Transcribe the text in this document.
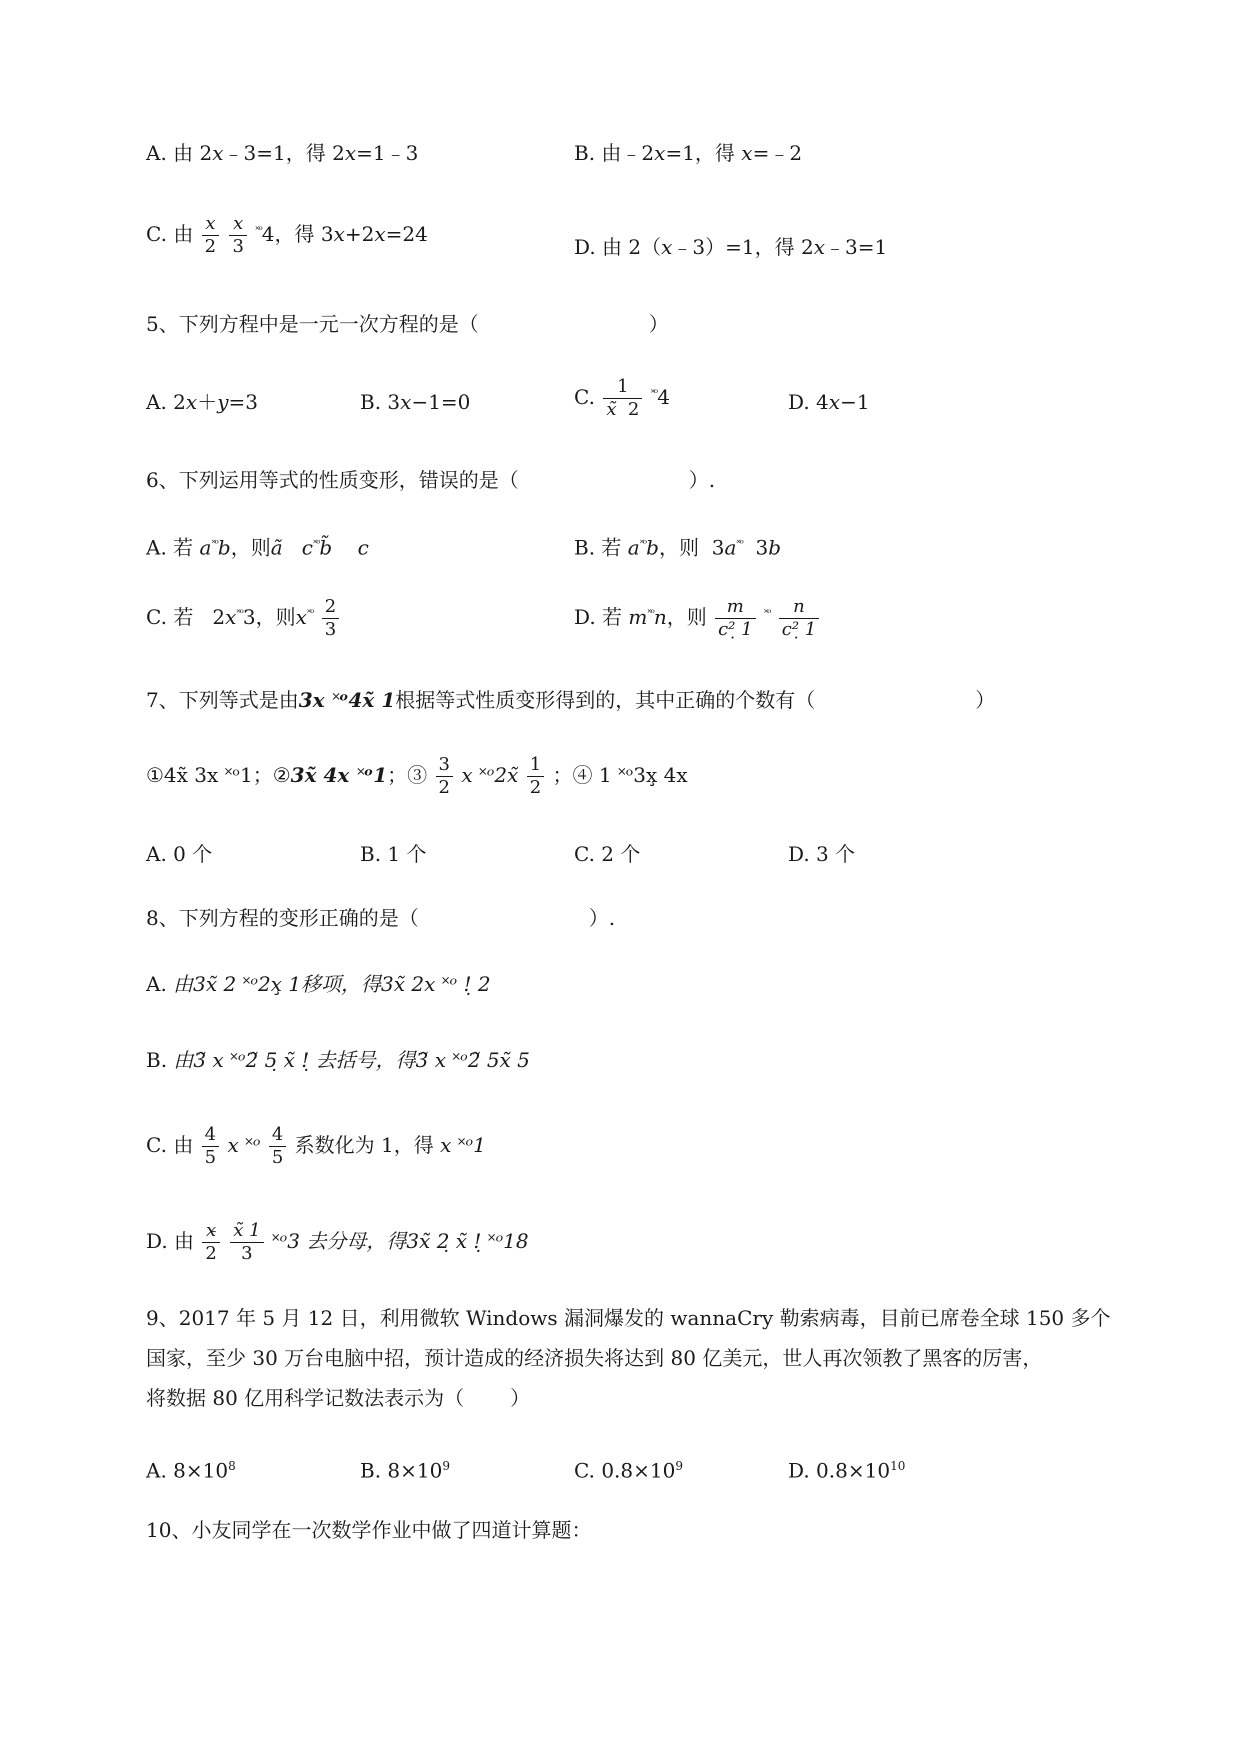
A. 由 2x﹣3=1，得 2x=1﹣3	B. 由﹣2x=1，得 x=﹣2
C. 由 $\frac{x}{2}$
$\frac{x}{3} ^{˟ᵒ}4$，得 3x+2x=24
D. 由 2（x﹣3）=1，得 2x﹣3=1
5、下列方程中是一元一次方程的是（	）
A. 2x＋y=3	B. 3x−1=0	C. $\frac{1}{x̃ 2} ^{˟ᵒ}4$	D. 4x−1
6、下列运用等式的性质变形，错误的是（	）.
A. 若 $a^{˟ᵒ}b$，则ã $c^{˟ᵒ}b̃$ c	B. 若 $a^{˟ᵒ}b$，则 $3a^{˟ᵒ}$ 3b
C. 若 $2x^{˟ᵒ}3$，则$x^{˟ᵒ} \frac{2}{3}$	D. 若 $m^{˟ᵒ}n$，则 $\frac{m}{\text{c²̣ 1}} ^{˟ᵒ} \frac{n}{\text{c²̣ 1}}$
7、下列等式是由3x ˟ᵒ4x̃ 1根据等式性质变形得到的，其中正确的个数有（	）
①4x̃ 3x ˟ᵒ1；②3x̃ 4x ˟ᵒ1；③ $\frac{3}{2}$ x ˟ᵒ2x̃ $\frac{1}{2}$ ；④ 1 ˟ᵒ3x̧ 4x
A. 0 个	B. 1 个	C. 2 个	D. 3 个
8、下列方程的变形正确的是（	）.
A. 由3x̃ 2 ˟ᵒ2x̧ 1移项，得3x̃ 2x ˟ᵒ !̣ 2
B. 由3̃ x ˟ᵒ2̃ 5̣ x̃ !̣ 去括号，得3̃ x ˟ᵒ2̃ 5x̃ 5
C. 由 $\frac{4}{5}$ x ˟ᵒ $\frac{4}{5}$ 系数化为 1，得 x ˟ᵒ1
D. 由 $\frac{x̵}{2}$
$\frac{x̃ 1}{3}$ ˟ᵒ3 去分母，得3x̃ 2̣ x̃ !̣ ˟ᵒ18
9、2017 年 5 月 12 日，利用微软 Windows 漏洞爆发的 wannaCry 勒索病毒，目前已席卷全球 150 多个
国家，至少 30 万台电脑中招，预计造成的经济损失将达到 80 亿美元，世人再次领教了黑客的厉害，
将数据 80 亿用科学记数法表示为（ ）
A. $8\times 10^8$	B. $8\times 10^9$	C. $0.8\times 10^9$	D. $0.8\times 10^{10}$
10、小友同学在一次数学作业中做了四道计算题：
